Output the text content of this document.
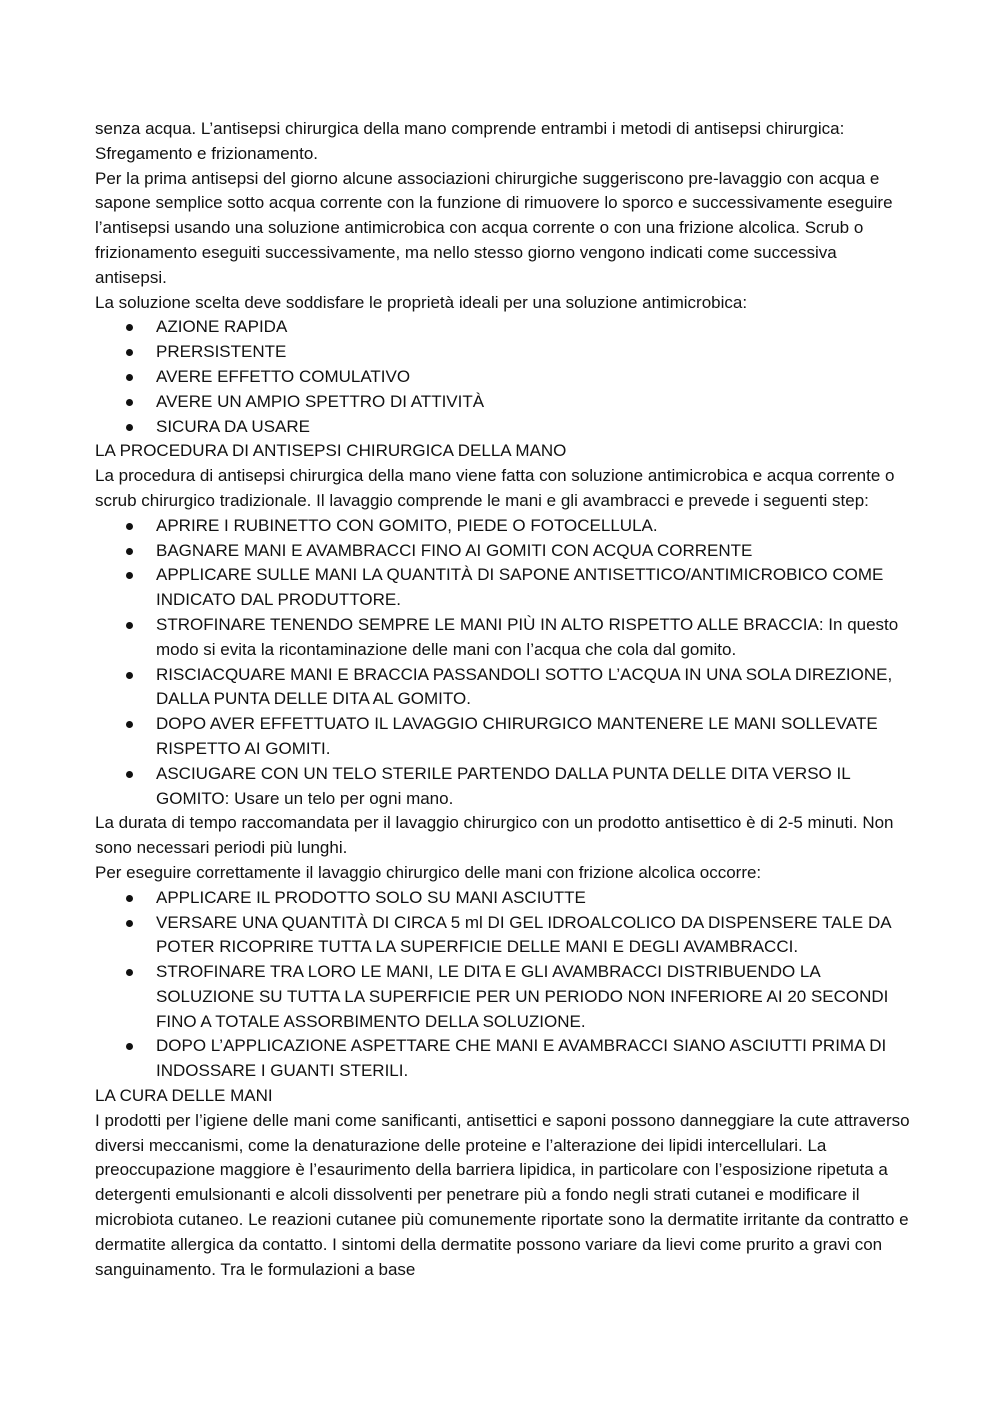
senza acqua. L’antisepsi chirurgica della mano comprende entrambi i metodi di antisepsi chirurgica: Sfregamento e frizionamento.

Per la prima antisepsi del giorno alcune associazioni chirurgiche suggeriscono pre-lavaggio con acqua e sapone semplice sotto acqua corrente con la funzione di rimuovere lo sporco e successivamente eseguire l’antisepsi usando una soluzione antimicrobica con acqua corrente o con una frizione alcolica. Scrub o frizionamento eseguiti successivamente, ma nello stesso giorno vengono indicati come successiva antisepsi.

La soluzione scelta deve soddisfare le proprietà ideali per una soluzione antimicrobica:

AZIONE RAPIDA
PRERSISTENTE
AVERE EFFETTO COMULATIVO
AVERE UN AMPIO SPETTRO DI ATTIVITÀ
SICURA DA USARE

LA PROCEDURA DI ANTISEPSI CHIRURGICA DELLA MANO

La procedura di antisepsi chirurgica della mano viene fatta con soluzione antimicrobica e acqua corrente o scrub chirurgico tradizionale. Il lavaggio comprende le mani e gli avambracci e prevede i seguenti step:

APRIRE I RUBINETTO CON GOMITO, PIEDE O FOTOCELLULA.
BAGNARE MANI E AVAMBRACCI FINO AI GOMITI CON ACQUA CORRENTE
APPLICARE SULLE MANI LA QUANTITÀ DI SAPONE ANTISETTICO/ANTIMICROBICO COME INDICATO DAL PRODUTTORE.
STROFINARE TENENDO SEMPRE LE MANI PIÙ IN ALTO RISPETTO ALLE BRACCIA: In questo modo si evita la ricontaminazione delle mani con l’acqua che cola dal gomito.
RISCIACQUARE MANI E BRACCIA PASSANDOLI SOTTO L’ACQUA IN UNA SOLA DIREZIONE, DALLA PUNTA DELLE DITA AL GOMITO.
DOPO AVER EFFETTUATO IL LAVAGGIO CHIRURGICO MANTENERE LE MANI SOLLEVATE RISPETTO AI GOMITI.
ASCIUGARE CON UN TELO STERILE PARTENDO DALLA PUNTA DELLE DITA VERSO IL GOMITO: Usare un telo per ogni mano.

La durata di tempo raccomandata per il lavaggio chirurgico con un prodotto antisettico è di 2-5 minuti. Non sono necessari periodi più lunghi.

Per eseguire correttamente il lavaggio chirurgico delle mani con frizione alcolica occorre:

APPLICARE IL PRODOTTO SOLO SU MANI ASCIUTTE
VERSARE UNA QUANTITÀ DI CIRCA 5 ml DI GEL IDROALCOLICO DA DISPENSERE TALE DA POTER RICOPRIRE TUTTA LA SUPERFICIE DELLE MANI E DEGLI AVAMBRACCI.
STROFINARE TRA LORO LE MANI, LE DITA E GLI AVAMBRACCI DISTRIBUENDO LA SOLUZIONE SU TUTTA LA SUPERFICIE PER UN PERIODO NON INFERIORE AI 20 SECONDI FINO A TOTALE ASSORBIMENTO DELLA SOLUZIONE.
DOPO L’APPLICAZIONE ASPETTARE CHE MANI E AVAMBRACCI SIANO ASCIUTTI PRIMA DI INDOSSARE I GUANTI STERILI.

LA CURA DELLE MANI

I prodotti per l’igiene delle mani come sanificanti, antisettici e saponi possono danneggiare la cute attraverso diversi meccanismi, come la denaturazione delle proteine e l’alterazione dei lipidi intercellulari. La preoccupazione maggiore è l’esaurimento della barriera lipidica, in particolare con l’esposizione ripetuta a detergenti emulsionanti e alcoli dissolventi per penetrare più a fondo negli strati cutanei e modificare il microbiota cutaneo. Le reazioni cutanee più comunemente riportate sono la dermatite irritante da contratto e dermatite allergica da contatto. I sintomi della dermatite possono variare da lievi come prurito a gravi con sanguinamento. Tra le formulazioni a base
